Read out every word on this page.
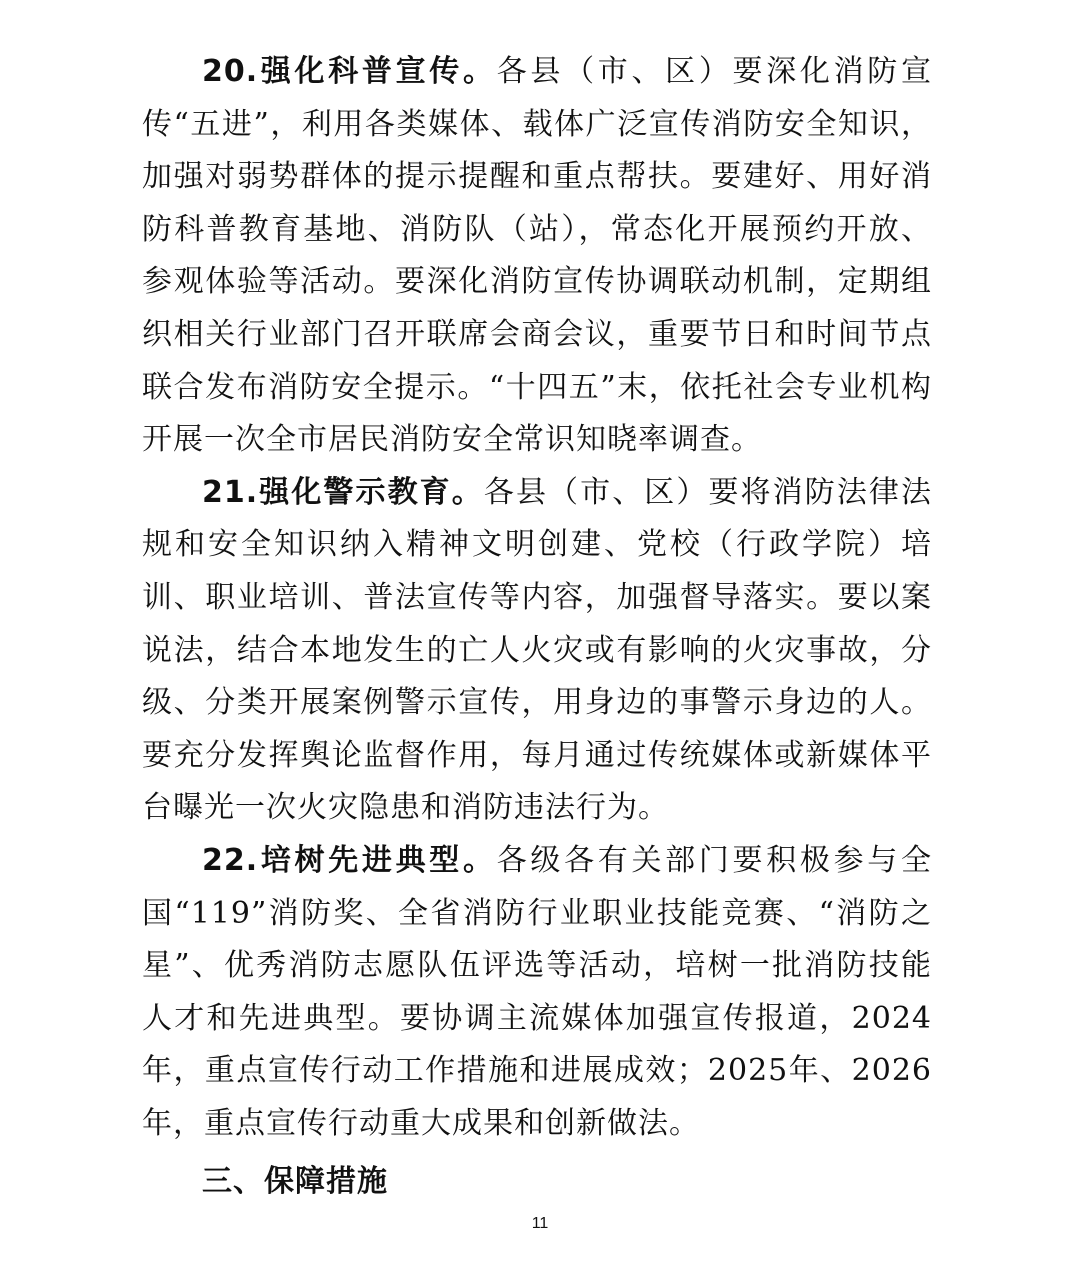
20.强化科普宣传。各县（市、区）要深化消防宣传“五进”，利用各类媒体、载体广泛宣传消防安全知识，加强对弱势群体的提示提醒和重点帮扶。要建好、用好消防科普教育基地、消防队（站），常态化开展预约开放、参观体验等活动。要深化消防宣传协调联动机制，定期组织相关行业部门召开联席会商会议，重要节日和时间节点联合发布消防安全提示。“十四五”末，依托社会专业机构开展一次全市居民消防安全常识知晓率调查。

21.强化警示教育。各县（市、区）要将消防法律法规和安全知识纳入精神文明创建、党校（行政学院）培训、职业培训、普法宣传等内容，加强督导落实。要以案说法，结合本地发生的亡人火灾或有影响的火灾事故，分级、分类开展案例警示宣传，用身边的事警示身边的人。要充分发挥舆论监督作用，每月通过传统媒体或新媒体平台曝光一次火灾隐患和消防违法行为。

22.培树先进典型。各级各有关部门要积极参与全国“119”消防奖、全省消防行业职业技能竞赛、“消防之星”、优秀消防志愿队伍评选等活动，培树一批消防技能人才和先进典型。要协调主流媒体加强宣传报道，2024年，重点宣传行动工作措施和进展成效；2025年、2026年，重点宣传行动重大成果和创新做法。

三、保障措施

11
